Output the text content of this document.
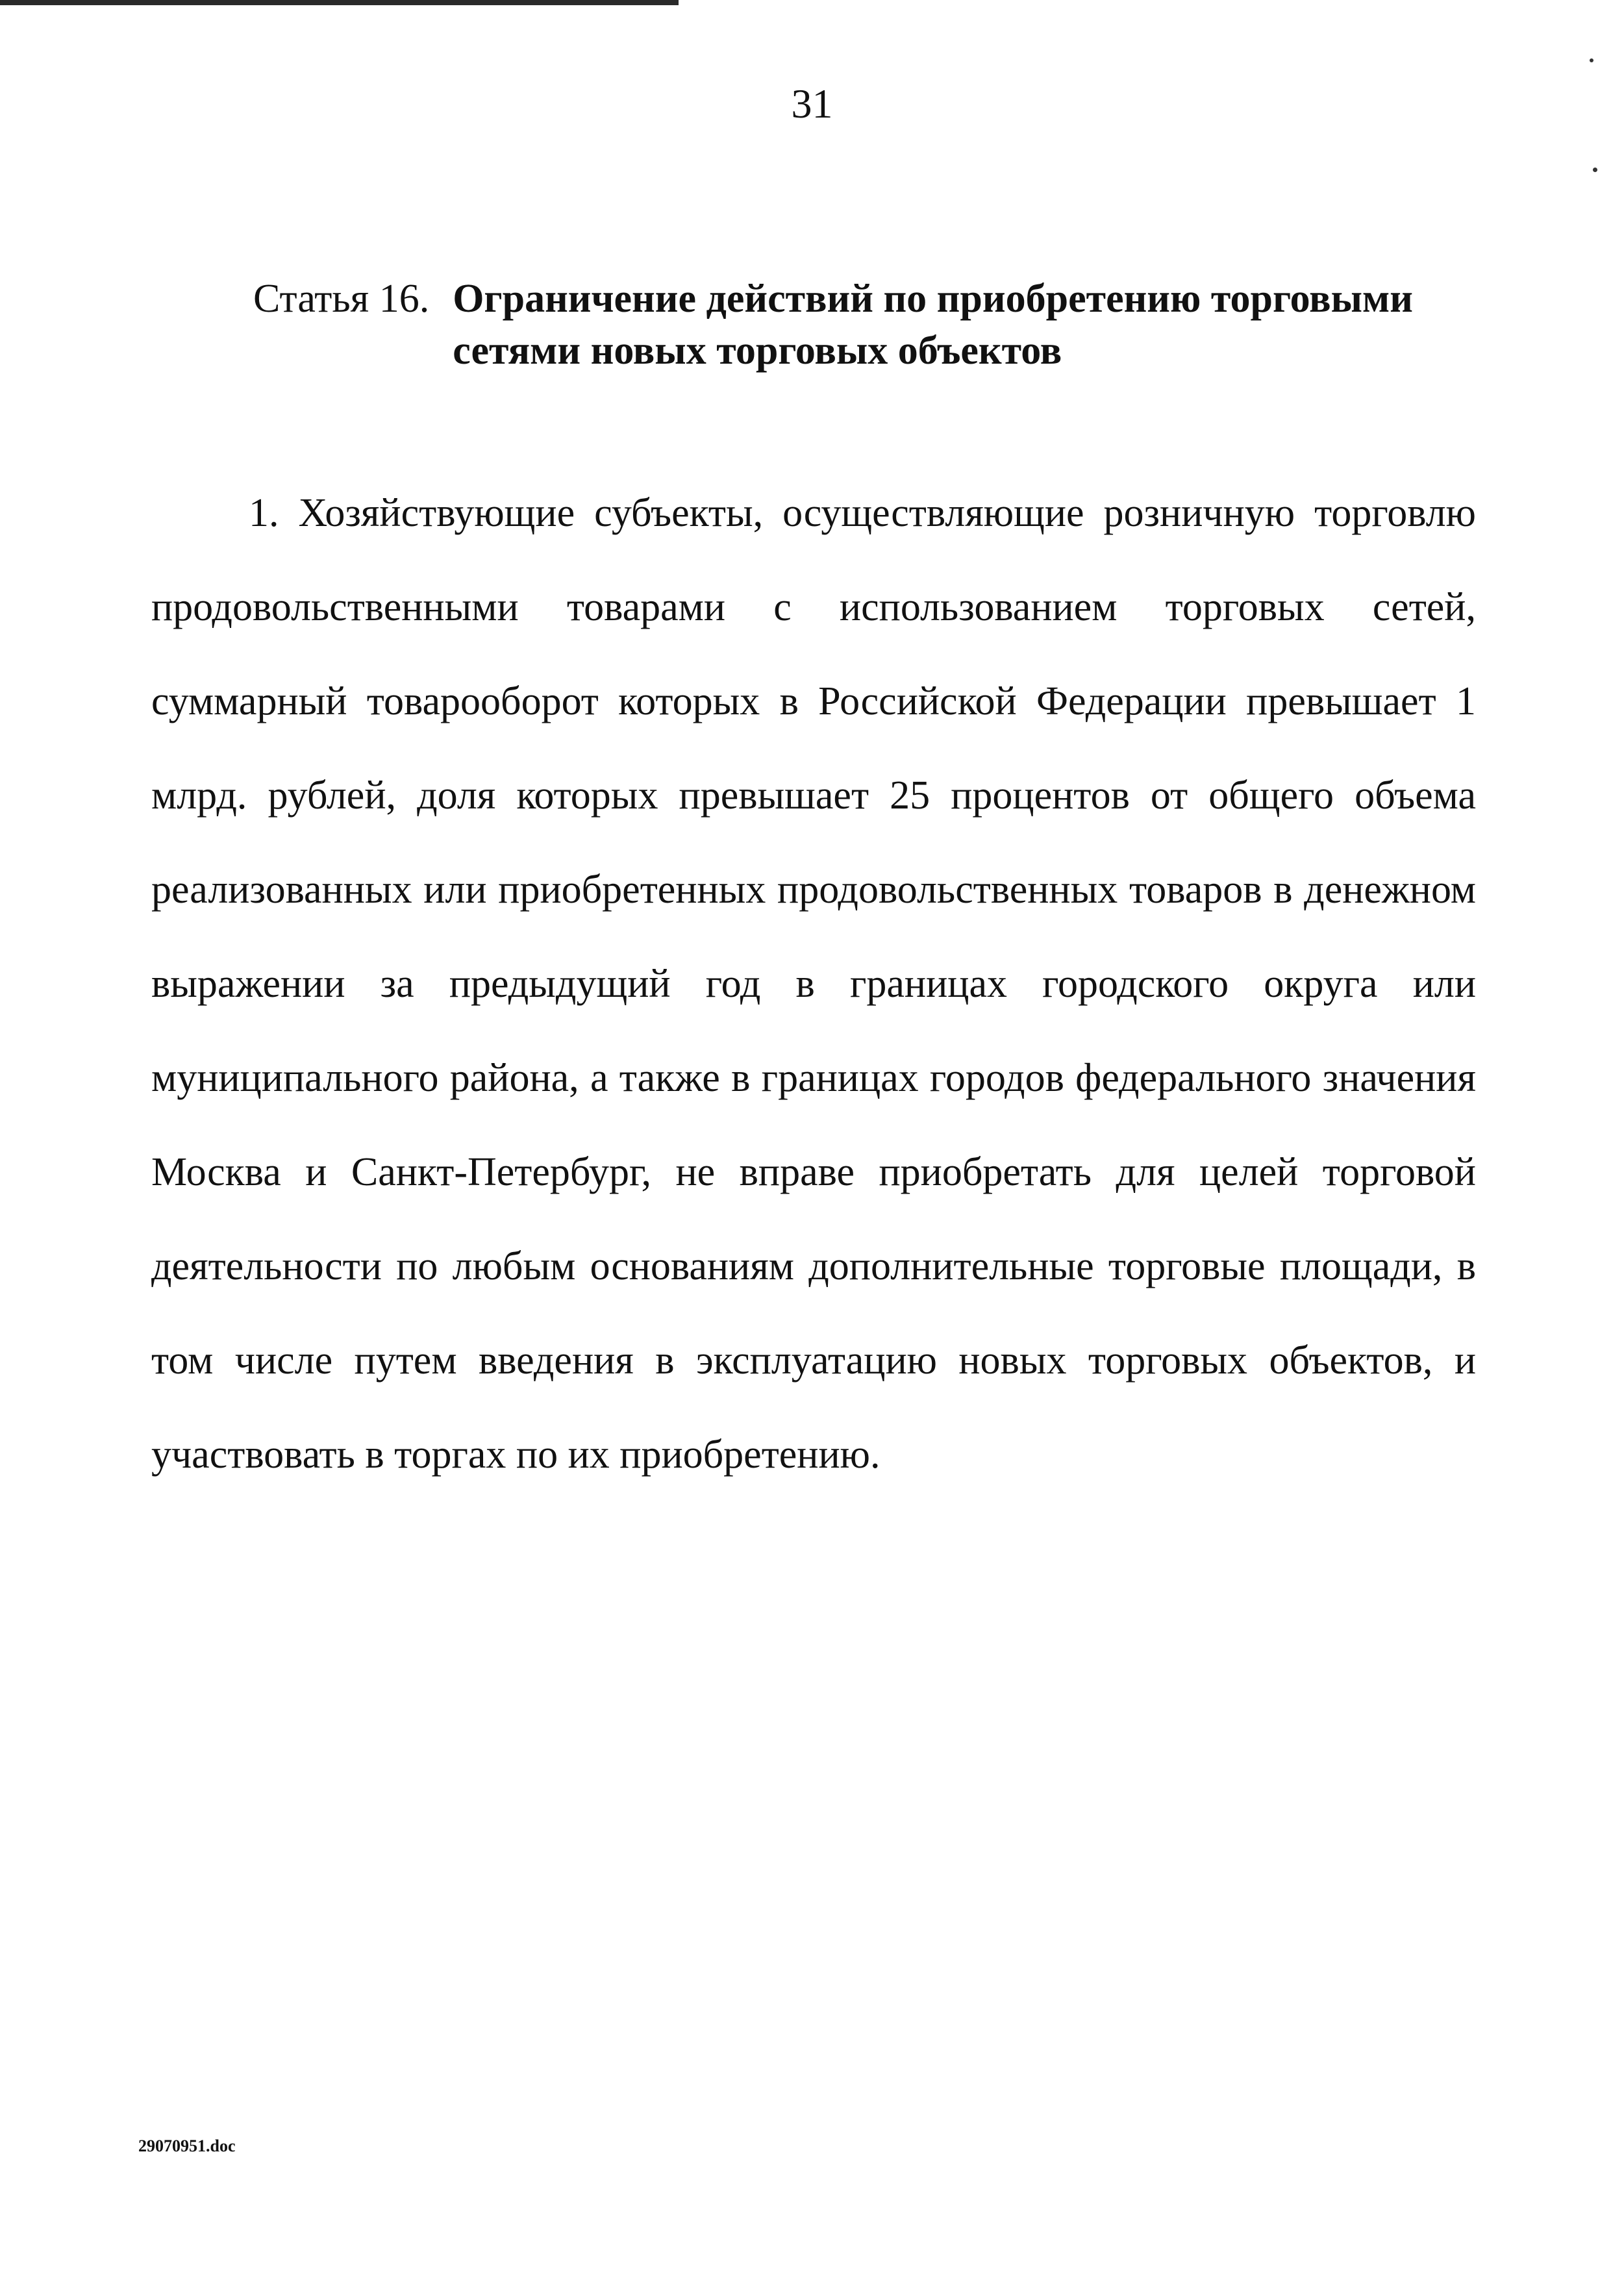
31
Статья 16. Ограничение действий по приобретению торговыми сетями новых торговых объектов

1. Хозяйствующие субъекты, осуществляющие розничную торговлю продовольственными товарами с использованием торговых сетей, суммарный товарооборот которых в Российской Федерации превышает 1 млрд. рублей, доля которых превышает 25 процентов от общего объема реализованных или приобретенных продовольственных товаров в денежном выражении за предыдущий год в границах городского округа или муниципального района, а также в границах городов федерального значения Москва и Санкт-Петербург, не вправе приобретать для целей торговой деятельности по любым основаниям дополнительные торговые площади, в том числе путем введения в эксплуатацию новых торговых объектов, и участвовать в торгах по их приобретению.

29070951.doc
